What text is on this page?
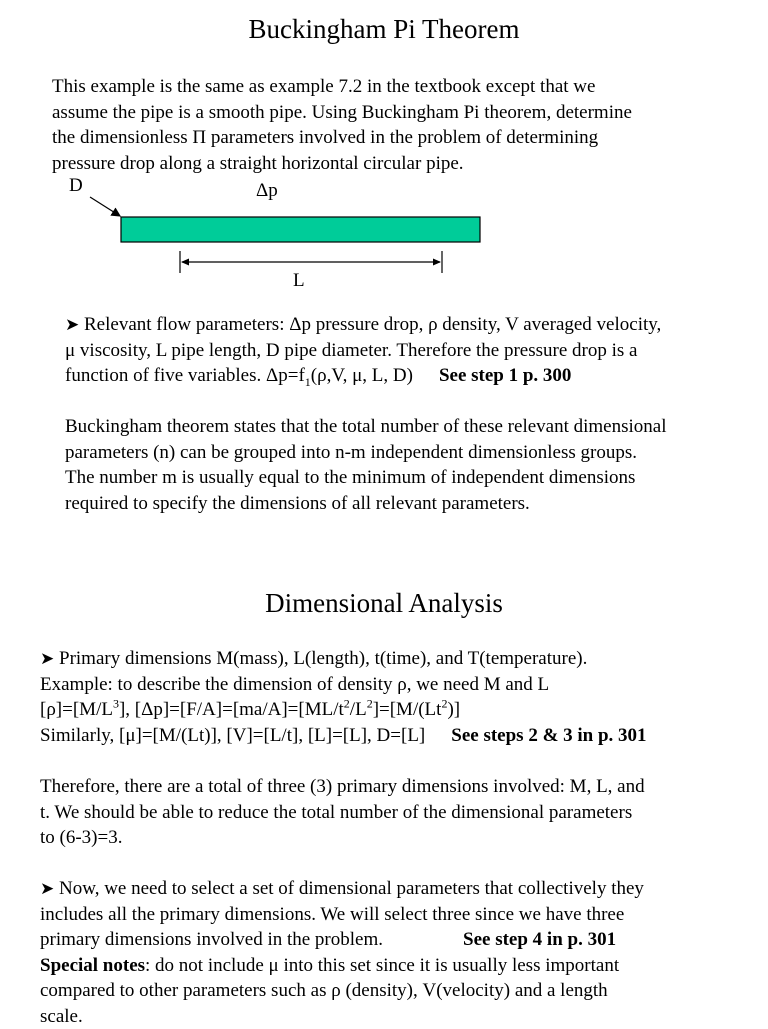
Buckingham Pi Theorem
This example is the same as example 7.2 in the textbook except that we
assume the pipe is a smooth pipe. Using Buckingham Pi theorem, determine
the dimensionless Π parameters involved in the problem of determining
pressure drop along a straight horizontal circular pipe.
D	Δp
L
➤ Relevant flow parameters: Δp pressure drop, ρ density, V averaged velocity,
μ viscosity, L pipe length, D pipe diameter. Therefore the pressure drop is a
function of five variables. $\Delta p=f_1(\rho,V$, μ, L, D) See step 1 p. 300
Buckingham theorem states that the total number of these relevant dimensional
parameters (n) can be grouped into n-m independent dimensionless groups.
The number m is usually equal to the minimum of independent dimensions
required to specify the dimensions of all relevant parameters.
Dimensional Analysis
➤ Primary dimensions M(mass), L(length), t(time), and T(temperature).
Example: to describe the dimension of density ρ, we need M and L
$[\rho]=[M/L^3]$, $[\Delta p]=[F/A]=[ma/A]=[ML/t^2/L^2]=[M/(Lt^2)]$
Similarly, [μ]=[M/(Lt)], [V]=[L/t], [L]=[L], D=[L] See steps 2 & 3 in p. 301
Therefore, there are a total of three (3) primary dimensions involved: M, L, and
t. We should be able to reduce the total number of the dimensional parameters
to (6-3)=3.
➤ Now, we need to select a set of dimensional parameters that collectively they
includes all the primary dimensions. We will select three since we have three
primary dimensions involved in the problem.	See step 4 in p. 301
Special notes: do not include μ into this set since it is usually less important
compared to other parameters such as ρ (density), V(velocity) and a length
scale.
